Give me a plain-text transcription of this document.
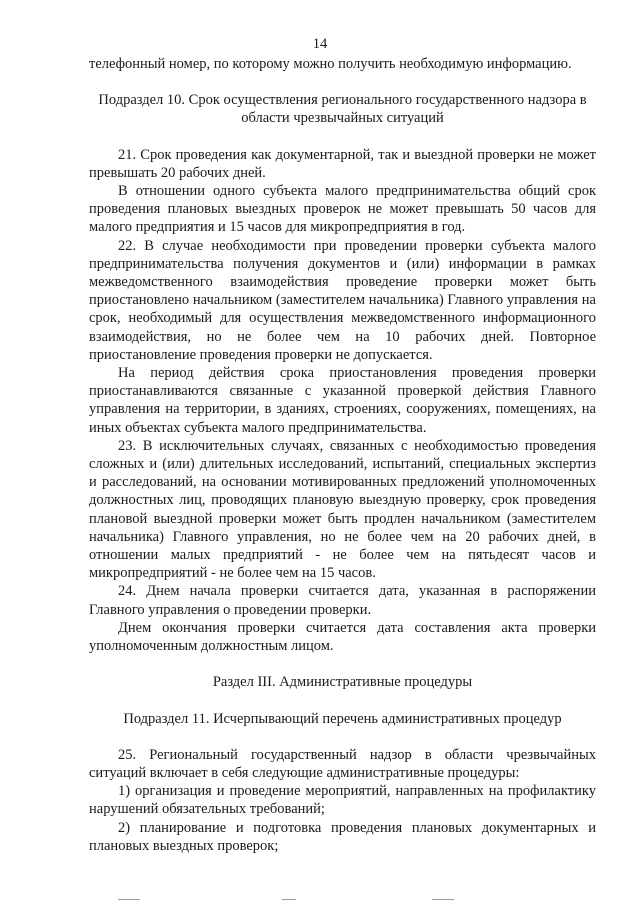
14

телефонный номер, по которому можно получить необходимую информацию.

Подраздел 10. Срок осуществления регионального государственного надзора в области чрезвычайных ситуаций

21. Срок проведения как документарной, так и выездной проверки не может превышать 20 рабочих дней.

В отношении одного субъекта малого предпринимательства общий срок проведения плановых выездных проверок не может превышать 50 часов для малого предприятия и 15 часов для микропредприятия в год.

22. В случае необходимости при проведении проверки субъекта малого предпринимательства получения документов и (или) информации в рамках межведомственного взаимодействия проведение проверки может быть приостановлено начальником (заместителем начальника) Главного управления на срок, необходимый для осуществления межведомственного информационного взаимодействия, но не более чем на 10 рабочих дней. Повторное приостановление проведения проверки не допускается.

На период действия срока приостановления проведения проверки приостанавливаются связанные с указанной проверкой действия Главного управления на территории, в зданиях, строениях, сооружениях, помещениях, на иных объектах субъекта малого предпринимательства.

23. В исключительных случаях, связанных с необходимостью проведения сложных и (или) длительных исследований, испытаний, специальных экспертиз и расследований, на основании мотивированных предложений уполномоченных должностных лиц, проводящих плановую выездную проверку, срок проведения плановой выездной проверки может быть продлен начальником (заместителем начальника) Главного управления, но не более чем на 20 рабочих дней, в отношении малых предприятий - не более чем на пятьдесят часов и микропредприятий - не более чем на 15 часов.

24. Днем начала проверки считается дата, указанная в распоряжении Главного управления о проведении проверки.

Днем окончания проверки считается дата составления акта проверки уполномоченным должностным лицом.

Раздел III. Административные процедуры

Подраздел 11. Исчерпывающий перечень административных процедур

25. Региональный государственный надзор в области чрезвычайных ситуаций включает в себя следующие административные процедуры:

1) организация и проведение мероприятий, направленных на профилактику нарушений обязательных требований;

2) планирование и подготовка проведения плановых документарных и плановых выездных проверок;
